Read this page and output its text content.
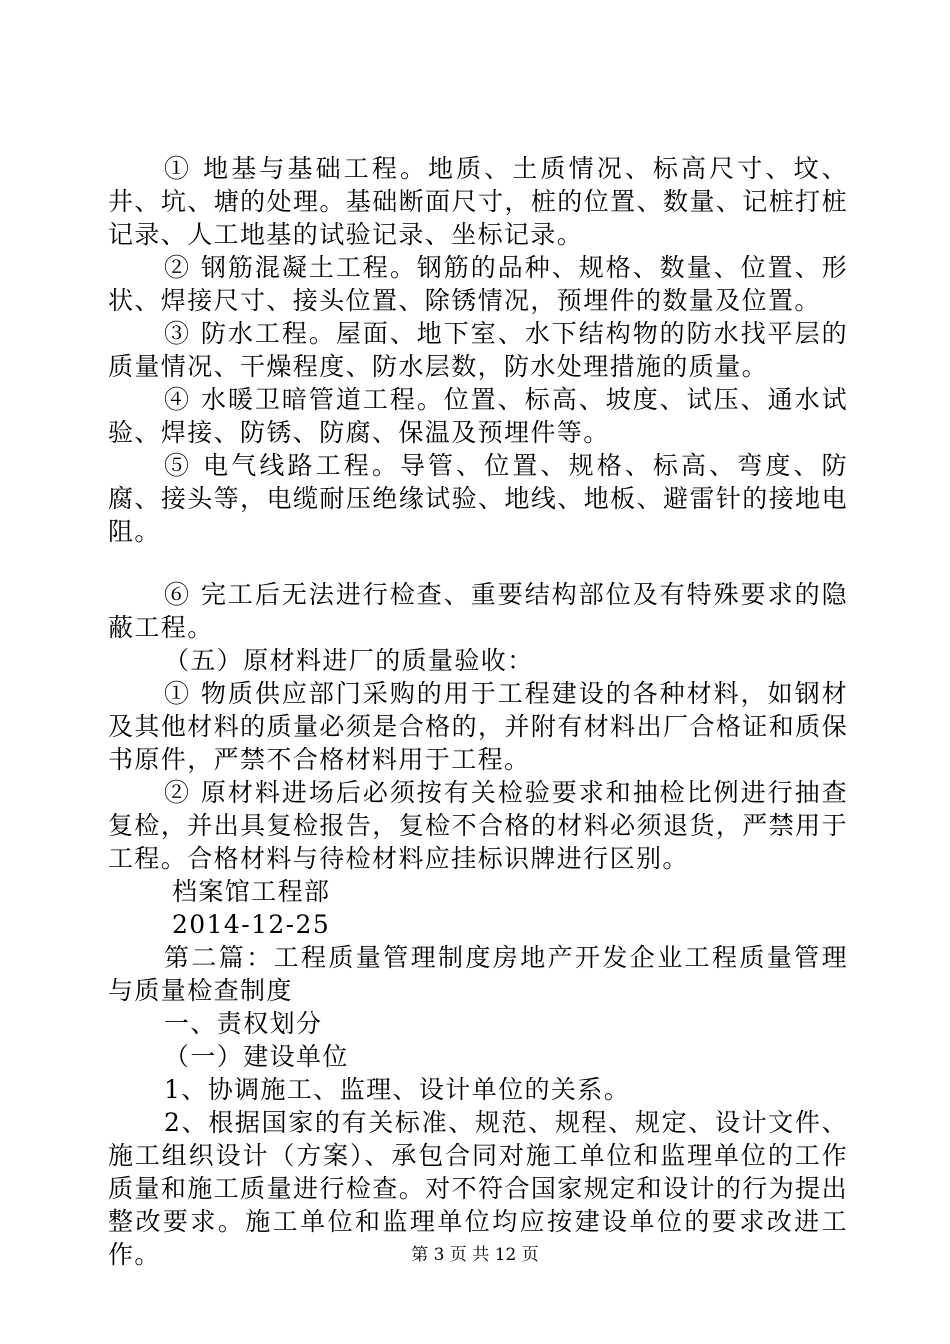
① 地基与基础工程。地质、土质情况、标高尺寸、坟、井、坑、塘的处理。基础断面尺寸，桩的位置、数量、记桩打桩记录、人工地基的试验记录、坐标记录。

② 钢筋混凝土工程。钢筋的品种、规格、数量、位置、形状、焊接尺寸、接头位置、除锈情况，预埋件的数量及位置。

③ 防水工程。屋面、地下室、水下结构物的防水找平层的质量情况、干燥程度、防水层数，防水处理措施的质量。

④ 水暖卫暗管道工程。位置、标高、坡度、试压、通水试验、焊接、防锈、防腐、保温及预埋件等。

⑤ 电气线路工程。导管、位置、规格、标高、弯度、防腐、接头等，电缆耐压绝缘试验、地线、地板、避雷针的接地电阻。

⑥ 完工后无法进行检查、重要结构部位及有特殊要求的隐蔽工程。

（五）原材料进厂的质量验收：

① 物质供应部门采购的用于工程建设的各种材料，如钢材及其他材料的质量必须是合格的，并附有材料出厂合格证和质保书原件，严禁不合格材料用于工程。

② 原材料进场后必须按有关检验要求和抽检比例进行抽查复检，并出具复检报告，复检不合格的材料必须退货，严禁用于工程。合格材料与待检材料应挂标识牌进行区别。

档案馆工程部

2014-12-25

第二篇：工程质量管理制度房地产开发企业工程质量管理与质量检查制度

一、责权划分

（一）建设单位

1、协调施工、监理、设计单位的关系。

2、根据国家的有关标准、规范、规程、规定、设计文件、施工组织设计（方案）、承包合同对施工单位和监理单位的工作质量和施工质量进行检查。对不符合国家规定和设计的行为提出整改要求。施工单位和监理单位均应按建设单位的要求改进工作。	第 3 页 共 12 页
